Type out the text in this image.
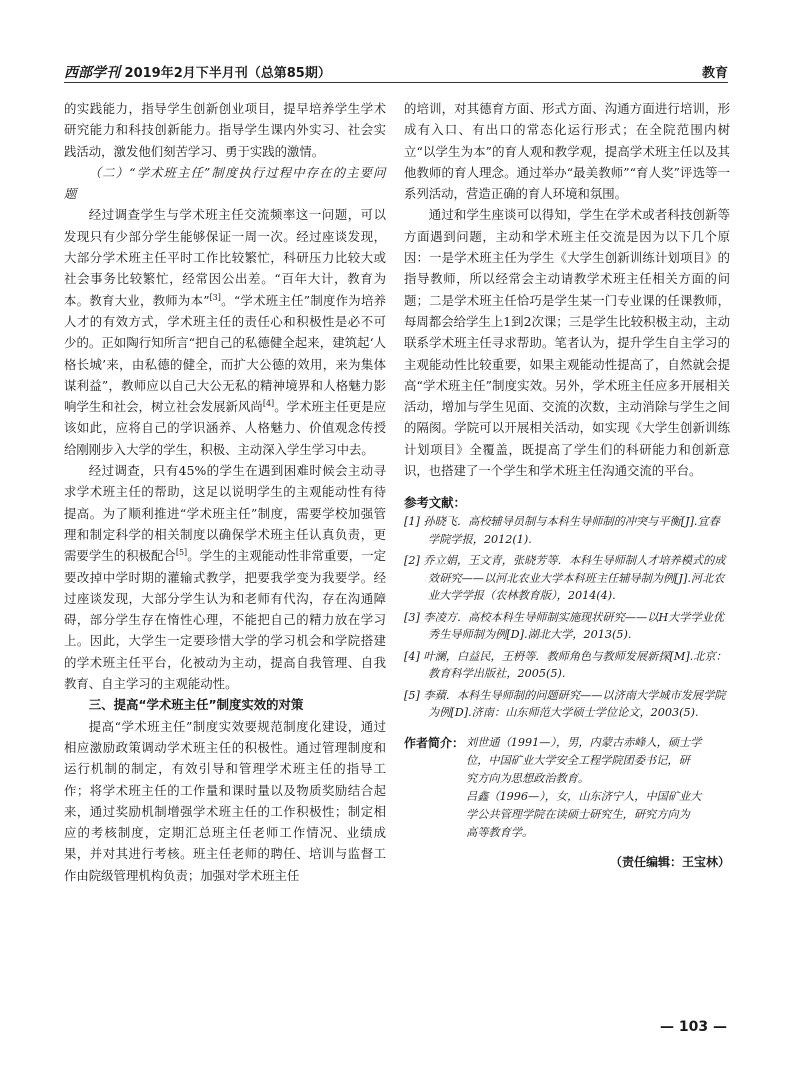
西部学刊 2019年2月下半月刊（总第85期）	教育

的实践能力，指导学生创新创业项目，提早培养学生学术研究能力和科技创新能力。指导学生课内外实习、社会实践活动，激发他们刻苦学习、勇于实践的激情。

（二）“学术班主任”制度执行过程中存在的主要问题

经过调查学生与学术班主任交流频率这一问题，可以发现只有少部分学生能够保证一周一次。经过座谈发现，大部分学术班主任平时工作比较繁忙，科研压力比较大或社会事务比较繁忙，经常因公出差。“百年大计，教育为本。教育大业，教师为本”[3]。“学术班主任”制度作为培养人才的有效方式，学术班主任的责任心和积极性是必不可少的。正如陶行知所言“把自己的私德健全起来，建筑起‘人格长城’来，由私德的健全，而扩大公德的效用，来为集体谋利益”，教师应以自己大公无私的精神境界和人格魅力影响学生和社会，树立社会发展新风尚[4]。学术班主任更是应该如此，应将自己的学识涵养、人格魅力、价值观念传授给刚刚步入大学的学生，积极、主动深入学生学习中去。

经过调查，只有45%的学生在遇到困难时候会主动寻求学术班主任的帮助，这足以说明学生的主观能动性有待提高。为了顺利推进“学术班主任”制度，需要学校加强管理和制定科学的相关制度以确保学术班主任认真负责，更需要学生的积极配合[5]。学生的主观能动性非常重要，一定要改掉中学时期的灌输式教学，把要我学变为我要学。经过座谈发现，大部分学生认为和老师有代沟，存在沟通障碍，部分学生存在惰性心理，不能把自己的精力放在学习上。因此，大学生一定要珍惜大学的学习机会和学院搭建的学术班主任平台，化被动为主动，提高自我管理、自我教育、自主学习的主观能动性。

三、提高“学术班主任”制度实效的对策

提高“学术班主任”制度实效要规范制度化建设，通过相应激励政策调动学术班主任的积极性。通过管理制度和运行机制的制定，有效引导和管理学术班主任的指导工作；将学术班主任的工作量和课时量以及物质奖励结合起来，通过奖励机制增强学术班主任的工作积极性；制定相应的考核制度，定期汇总班主任老师工作情况、业绩成果，并对其进行考核。班主任老师的聘任、培训与监督工作由院级管理机构负责；加强对学术班主任

的培训，对其德育方面、形式方面、沟通方面进行培训，形成有入口、有出口的常态化运行形式；在全院范围内树立“以学生为本”的育人观和教学观，提高学术班主任以及其他教师的育人理念。通过举办“最美教师”“育人奖”评选等一系列活动，营造正确的育人环境和氛围。

通过和学生座谈可以得知，学生在学术或者科技创新等方面遇到问题，主动和学术班主任交流是因为以下几个原因：一是学术班主任为学生《大学生创新训练计划项目》的指导教师，所以经常会主动请教学术班主任相关方面的问题；二是学术班主任恰巧是学生某一门专业课的任课教师，每周都会给学生上1到2次课；三是学生比较积极主动，主动联系学术班主任寻求帮助。笔者认为，提升学生自主学习的主观能动性比较重要，如果主观能动性提高了，自然就会提高“学术班主任”制度实效。另外，学术班主任应多开展相关活动，增加与学生见面、交流的次数，主动消除与学生之间的隔阂。学院可以开展相关活动，如实现《大学生创新训练计划项目》全覆盖，既提高了学生们的科研能力和创新意识，也搭建了一个学生和学术班主任沟通交流的平台。

参考文献：
[1] 孙晓飞．高校辅导员制与本科生导师制的冲突与平衡[J].宜春学院学报，2012(1).
[2] 乔立娟，王文青，张晓芳等．本科生导师制人才培养模式的成效研究——以河北农业大学本科班主任辅导制为例[J].河北农业大学学报（农林教育版），2014(4).
[3] 李凌方．高校本科生导师制实施现状研究——以H大学学业优秀生导师制为例[D].湖北大学，2013(5).
[4] 叶澜，白益民，王枬等．教师角色与教师发展新探[M].北京：教育科学出版社，2005(5).
[5] 李蘋．本科生导师制的问题研究——以济南大学城市发展学院为例[D].济南：山东师范大学硕士学位论文，2003(5).
作者简介： 刘世通（1991—），男，内蒙古赤峰人，硕士学
位，中国矿业大学安全工程学院团委书记，研
究方向为思想政治教育。
吕鑫（1996—），女，山东济宁人，中国矿业大
学公共管理学院在读硕士研究生，研究方向为
高等教育学。
（责任编辑：王宝林）
— 103 —
